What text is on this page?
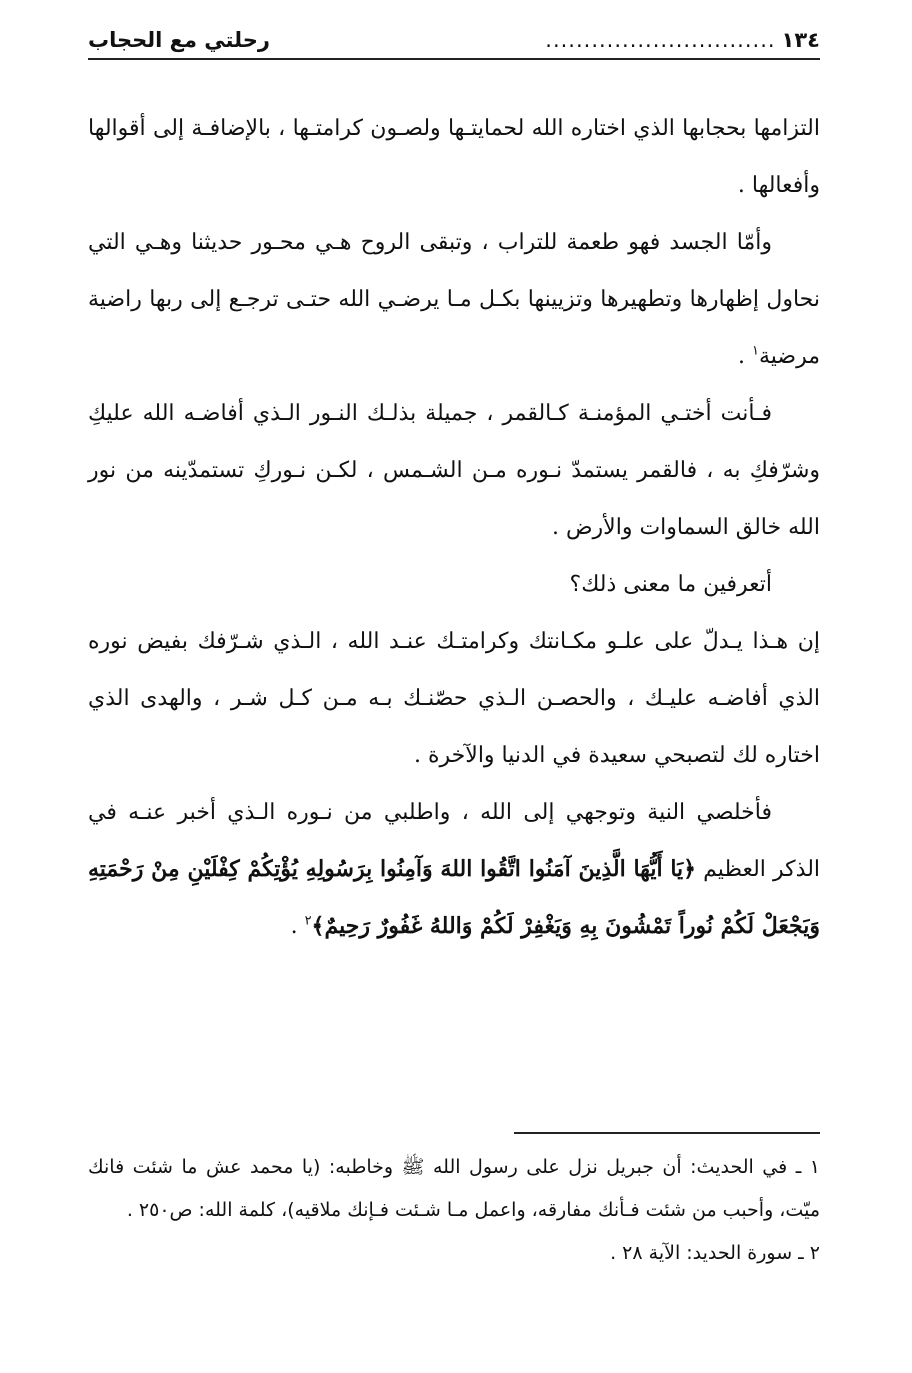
١٣٤
..............................
رحلتي مع الحجاب

التزامها بحجابها الذي اختاره الله لحمايتـها ولصـون كرامتـها ، بالإضافـة إلى أقوالها وأفعالها .

وأمّا الجسد فهو طعمة للتراب ، وتبقى الروح هـي محـور حديثنا وهـي التي نحاول إظهارها وتطهيرها وتزيينها بكـل مـا يرضـي الله حتـى ترجـع إلى ربها راضية مرضية$^١$ .

فـأنت أختـي المؤمنـة كـالقمر ، جميلة بذلـك النـور الـذي أفاضـه الله عليكِ وشرّفكِ به ، فالقمر يستمدّ نـوره مـن الشـمس ، لكـن نـوركِ تستمدّينه من نور الله خالق السماوات والأرض .

أتعرفين ما معنى ذلك؟

إن هـذا يـدلّ على علـو مكـانتك وكرامتـك عنـد الله ، الـذي شـرّفك بفيض نوره الذي أفاضـه عليـك ، والحصـن الـذي حصّنـك بـه مـن كـل شـر ، والهدى الذي اختاره لك لتصبحي سعيدة في الدنيا والآخرة .

فأخلصي النية وتوجهي إلى الله ، واطلبي من نـوره الـذي أخبر عنـه في الذكر العظيم ﴿يَا أَيُّهَا الَّذِينَ آمَنُوا اتَّقُوا اللهَ وَآمِنُوا بِرَسُولِهِ يُؤْتِكُمْ كِفْلَيْنِ مِنْ رَحْمَتِهِ وَيَجْعَلْ لَكُمْ نُوراً تَمْشُونَ بِهِ وَيَغْفِرْ لَكُمْ وَاللهُ غَفُورٌ رَحِيمٌ﴾$^٢$ .

١ ـ في الحديث: أن جبريل نزل على رسول الله ﷺ وخاطبه: (يا محمد عش ما شئت فانك ميّت، وأحبب من شئت فـأنك مفارقه، واعمل مـا شـئت فـإنك ملاقيه)، كلمة الله: ص٢٥٠ .

٢ ـ سورة الحديد: الآية ٢٨ .
